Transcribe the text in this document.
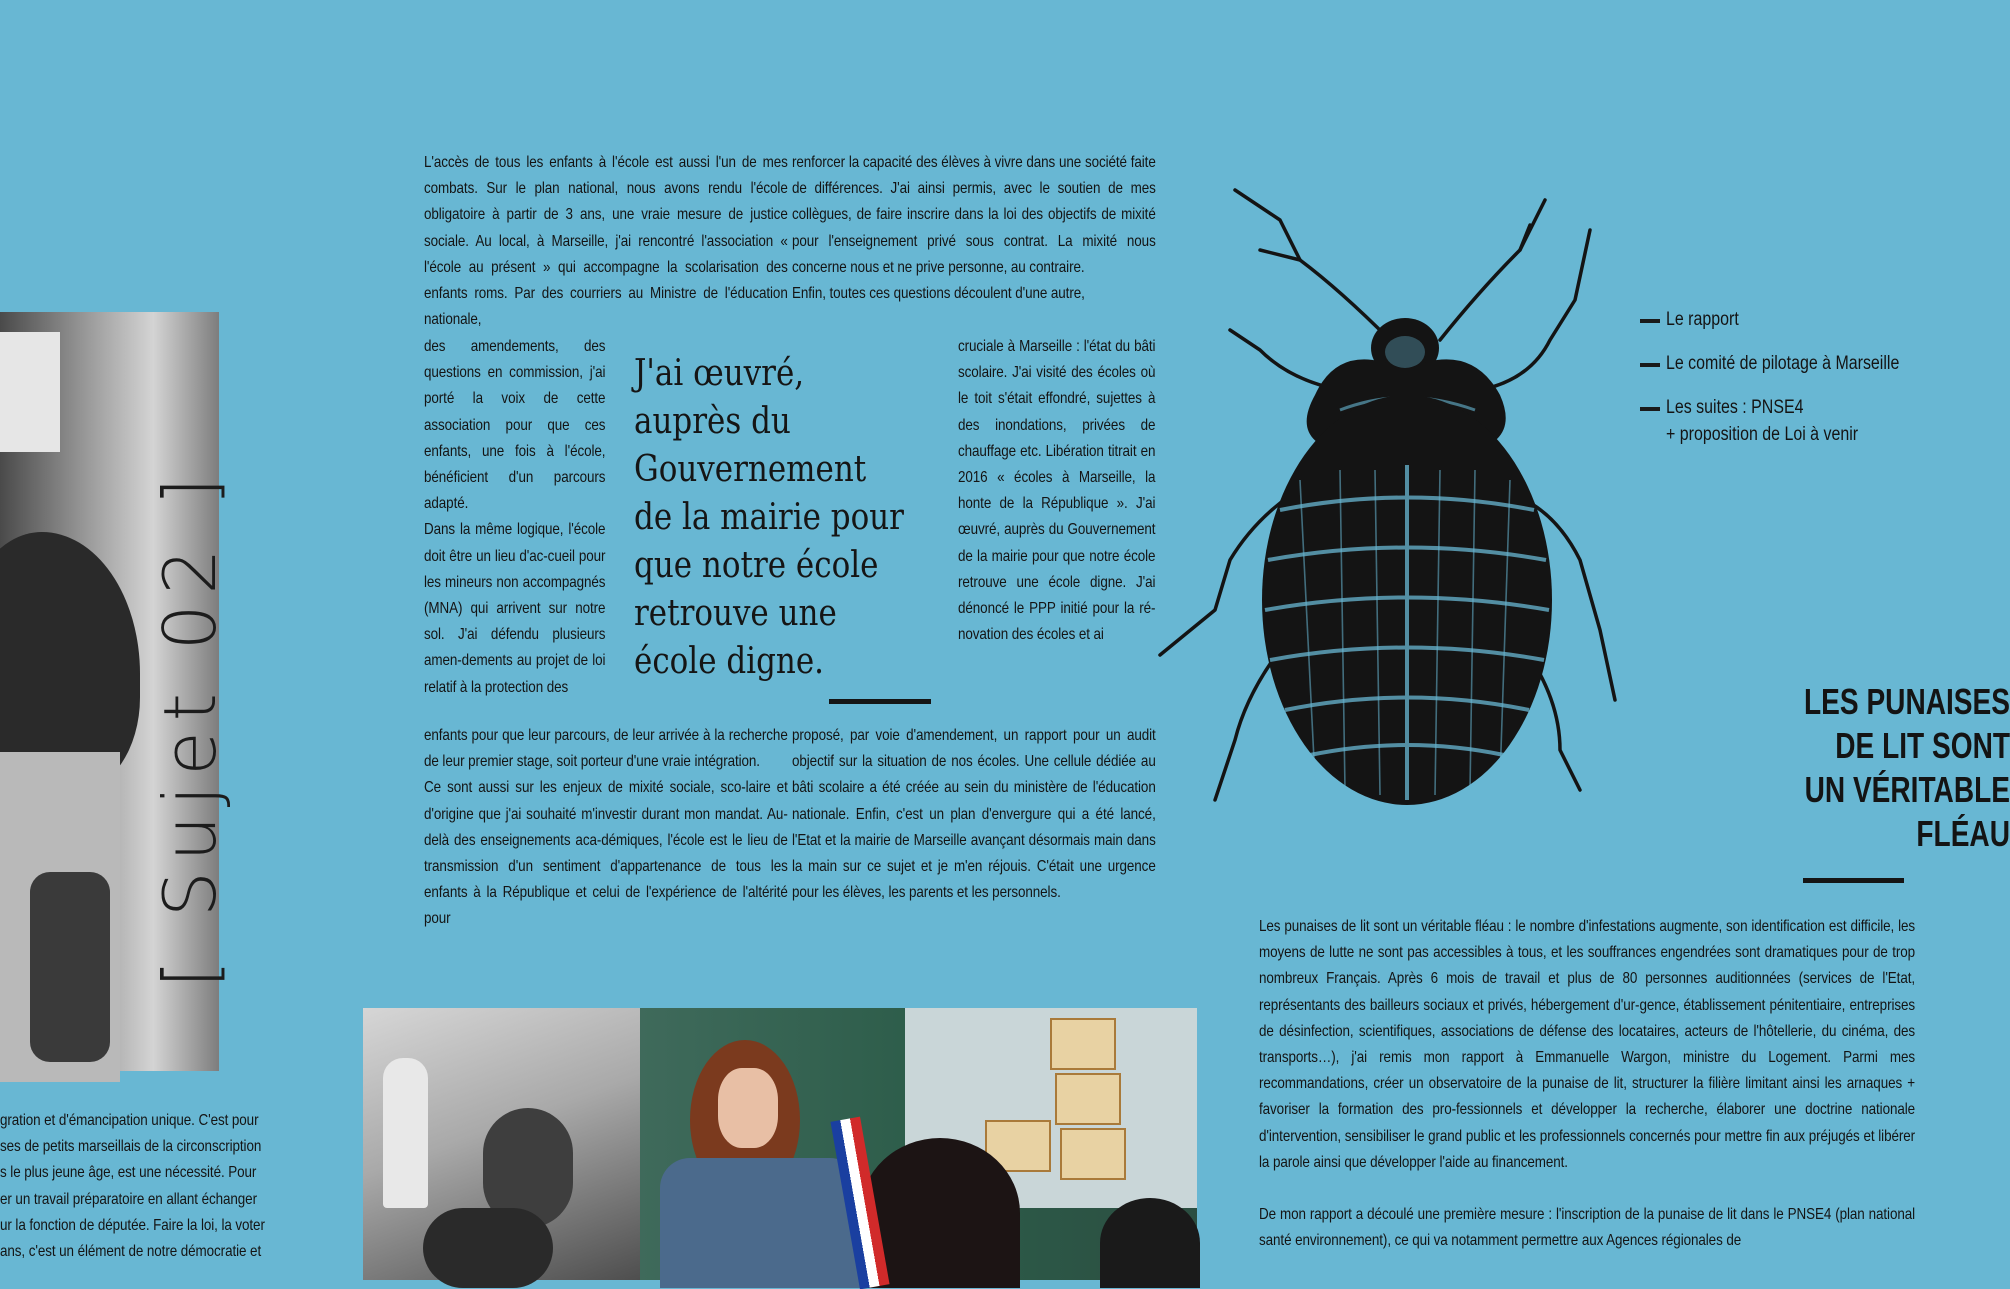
[ Sujet 02 ]

L'accès de tous les enfants à l'école est aussi l'un de mes combats. Sur le plan national, nous avons rendu l'école obligatoire à partir de 3 ans, une vraie mesure de justice sociale. Au local, à Marseille, j'ai rencontré l'association « l'école au présent » qui accompagne la scolarisation des enfants roms. Par des courriers au Ministre de l'éducation nationale,

des amendements, des questions en commission, j'ai porté la voix de cette association pour que ces enfants, une fois à l'école, bénéficient d'un parcours adapté.

Dans la même logique, l'école doit être un lieu d'ac-cueil pour les mineurs non accompagnés (MNA) qui arrivent sur notre sol. J'ai défendu plusieurs amen-dements au projet de loi relatif à la protection des

enfants pour que leur parcours, de leur arrivée à la recherche de leur premier stage, soit porteur d'une vraie intégration.

Ce sont aussi sur les enjeux de mixité sociale, sco-laire et d'origine que j'ai souhaité m'investir durant mon mandat. Au-delà des enseignements aca-démiques, l'école est le lieu de transmission d'un sentiment d'appartenance de tous les enfants à la République et celui de l'expérience de l'altérité pour

renforcer la capacité des élèves à vivre dans une société faite de différences. J'ai ainsi permis, avec le soutien de mes collègues, de faire inscrire dans la loi des objectifs de mixité pour l'enseignement privé sous contrat. La mixité nous concerne nous et ne prive personne, au contraire.

Enfin, toutes ces questions découlent d'une autre,

cruciale à Marseille : l'état du bâti scolaire. J'ai visité des écoles où le toit s'était effondré, sujettes à des inondations, privées de chauffage etc. Libération titrait en 2016 « écoles à Marseille, la honte de la République ». J'ai œuvré, auprès du Gouvernement de la mairie pour que notre école retrouve une école digne. J'ai dénoncé le PPP initié pour la ré-novation des écoles et ai

proposé, par voie d'amendement, un rapport pour un audit objectif sur la situation de nos écoles. Une cellule dédiée au bâti scolaire a été créée au sein du ministère de l'éducation nationale. Enfin, c'est un plan d'envergure qui a été lancé, l'Etat et la mairie de Marseille avançant désormais main dans la main sur ce sujet et je m'en réjouis. C'était une urgence pour les élèves, les parents et les personnels.

J'ai œuvré, auprès du Gouvernement de la mairie pour que notre école retrouve une école digne.

gration et d'émancipation unique. C'est pour

ses de petits marseillais de la circonscription

s le plus jeune âge, est une nécessité. Pour

er un travail préparatoire en allant échanger

ur la fonction de députée. Faire la loi, la voter

ans, c'est un élément de notre démocratie et

Le rapport
Le comité de pilotage à Marseille
Les suites : PNSE4
+ proposition de Loi à venir
LES PUNAISES
DE LIT SONT
UN VÉRITABLE
FLÉAU

Les punaises de lit sont un véritable fléau : le nombre d'infestations augmente, son identification est difficile, les moyens de lutte ne sont pas accessibles à tous, et les souffrances engendrées sont dramatiques pour de trop nombreux Français. Après 6 mois de travail et plus de 80 personnes auditionnées (services de l'Etat, représentants des bailleurs sociaux et privés, hébergement d'ur-gence, établissement pénitentiaire, entreprises de désinfection, scientifiques, associations de défense des locataires, acteurs de l'hôtellerie, du cinéma, des transports…), j'ai remis mon rapport à Emmanuelle Wargon, ministre du Logement. Parmi mes recommandations, créer un observatoire de la punaise de lit, structurer la filière limitant ainsi les arnaques + favoriser la formation des pro-fessionnels et développer la recherche, élaborer une doctrine nationale d'intervention, sensibiliser le grand public et les professionnels concernés pour mettre fin aux préjugés et libérer la parole ainsi que développer l'aide au financement.

De mon rapport a découlé une première mesure : l'inscription de la punaise de lit dans le PNSE4 (plan national santé environnement), ce qui va notamment permettre aux Agences régionales de
